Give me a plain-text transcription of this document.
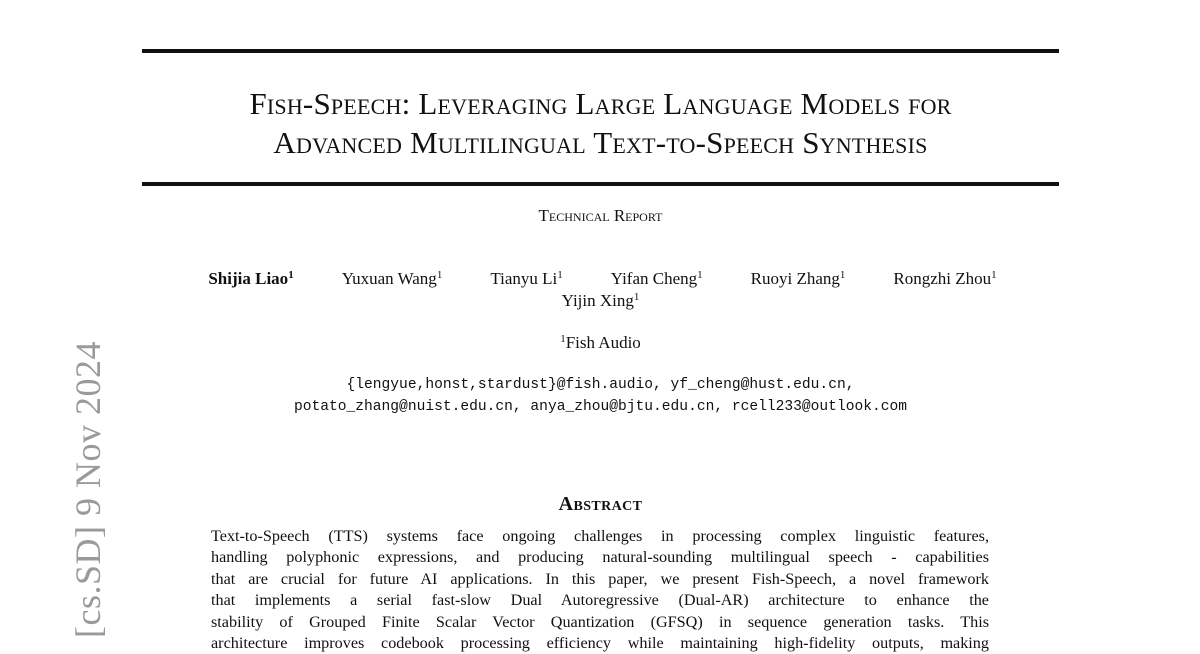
Fish-Speech: Leveraging Large Language Models for
Advanced Multilingual Text-to-Speech Synthesis
Technical Report
Shijia Liao$^1$	Yuxuan Wang$^1$	Tianyu Li$^1$	Yifan Cheng$^1$	Ruoyi Zhang$^1$	Rongzhi Zhou$^1$
Yijin Xing$^1$
$^1$Fish Audio
{lengyue,honst,stardust}@fish.audio, yf_cheng@hust.edu.cn,
potato_zhang@nuist.edu.cn, anya_zhou@bjtu.edu.cn, rcell233@outlook.com
Abstract
Text-to-Speech (TTS) systems face ongoing challenges in processing complex linguistic features,
handling polyphonic expressions, and producing natural-sounding multilingual speech - capabilities
that are crucial for future AI applications. In this paper, we present Fish-Speech, a novel framework
that implements a serial fast-slow Dual Autoregressive (Dual-AR) architecture to enhance the
stability of Grouped Finite Scalar Vector Quantization (GFSQ) in sequence generation tasks. This
architecture improves codebook processing efficiency while maintaining high-fidelity outputs, making
[cs.SD] 9 Nov 2024
